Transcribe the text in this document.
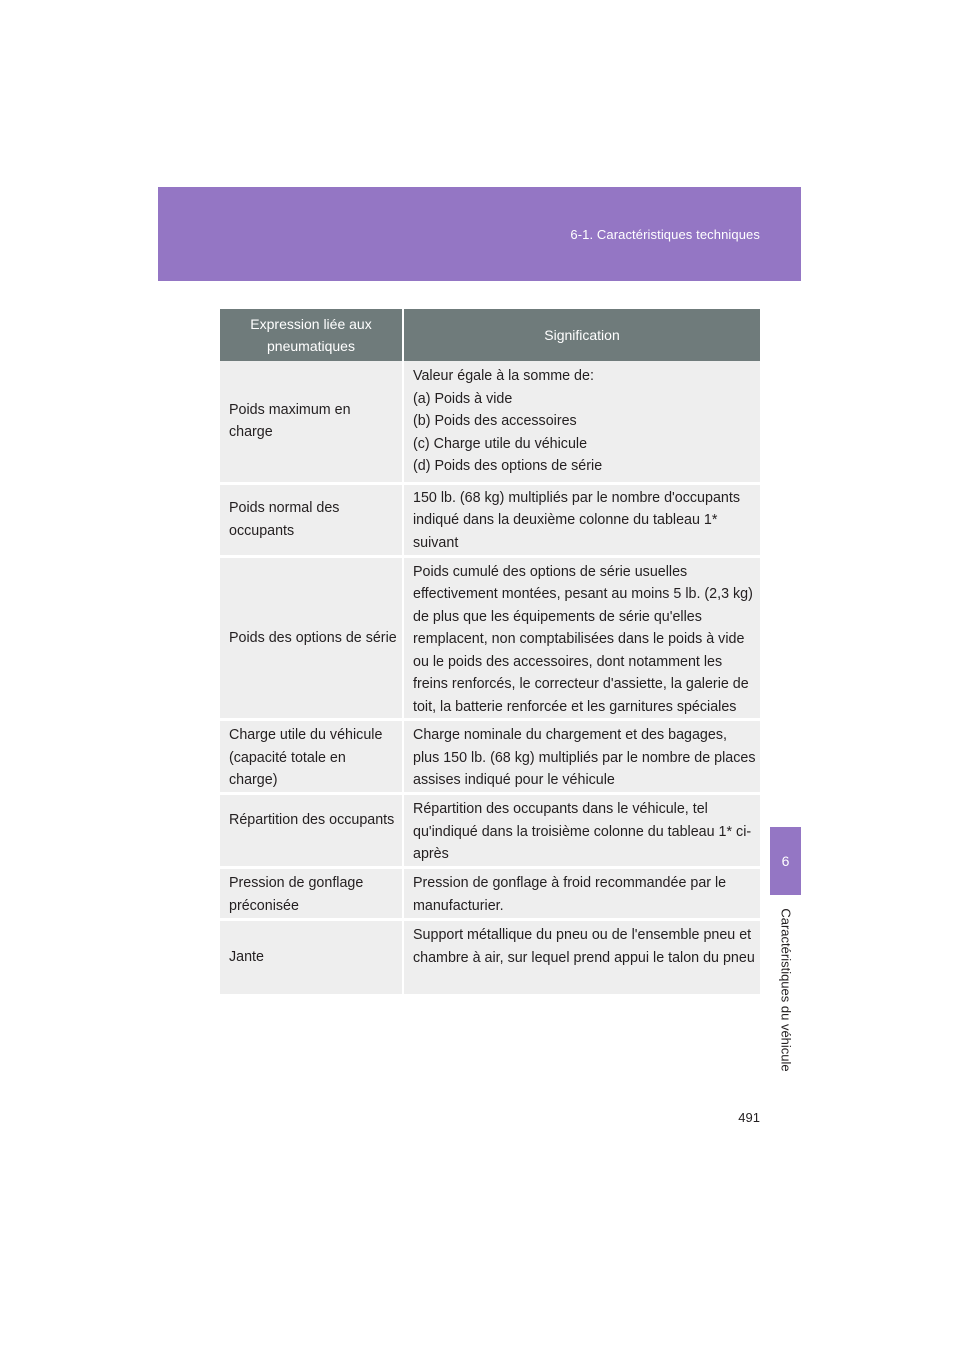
6-1. Caractéristiques techniques
Expression liée aux pneumatiques	Signification
Poids maximum en charge	Valeur égale à la somme de:
(a) Poids à vide
(b) Poids des accessoires
(c) Charge utile du véhicule
(d) Poids des options de série
Poids normal des occupants	150 lb. (68 kg) multipliés par le nombre d'occupants indiqué dans la deuxième colonne du tableau 1* suivant
Poids des options de série	Poids cumulé des options de série usuelles effectivement montées, pesant au moins 5 lb. (2,3 kg) de plus que les équipements de série qu'elles remplacent, non comptabilisées dans le poids à vide ou le poids des accessoires, dont notamment les freins renforcés, le correcteur d'assiette, la galerie de toit, la batterie renforcée et les garnitures spéciales
Charge utile du véhicule (capacité totale en charge)	Charge nominale du chargement et des bagages, plus 150 lb. (68 kg) multipliés par le nombre de places assises indiqué pour le véhicule
Répartition des occupants	Répartition des occupants dans le véhicule, tel qu'indiqué dans la troisième colonne du tableau 1* ci-après
Pression de gonflage préconisée	Pression de gonflage à froid recommandée par le manufacturier.
Jante	Support métallique du pneu ou de l'ensemble pneu et chambre à air, sur lequel prend appui le talon du pneu
6
Caractéristiques du véhicule
491
